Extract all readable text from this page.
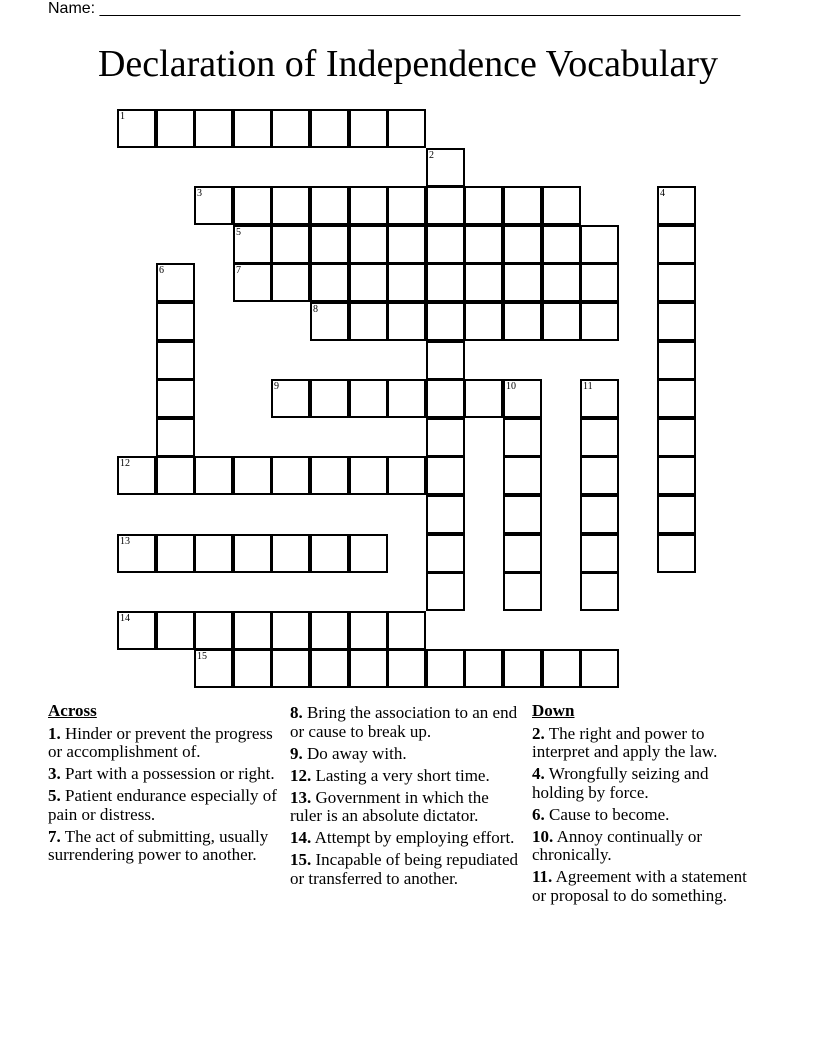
Name: ________________________________________________________________________
Declaration of Independence Vocabulary
1
2
3	4
5
6	7
8
9	10	11
12
13
14
15
Across
1. Hinder or prevent the progress or accomplishment of.
3. Part with a possession or right.
5. Patient endurance especially of pain or distress.
7. The act of submitting, usually surrendering power to another.
8. Bring the association to an end or cause to break up.
9. Do away with.
12. Lasting a very short time.
13. Government in which the ruler is an absolute dictator.
14. Attempt by employing effort.
15. Incapable of being repudiated or transferred to another.
Down
2. The right and power to interpret and apply the law.
4. Wrongfully seizing and holding by force.
6. Cause to become.
10. Annoy continually or chronically.
11. Agreement with a statement or proposal to do something.
